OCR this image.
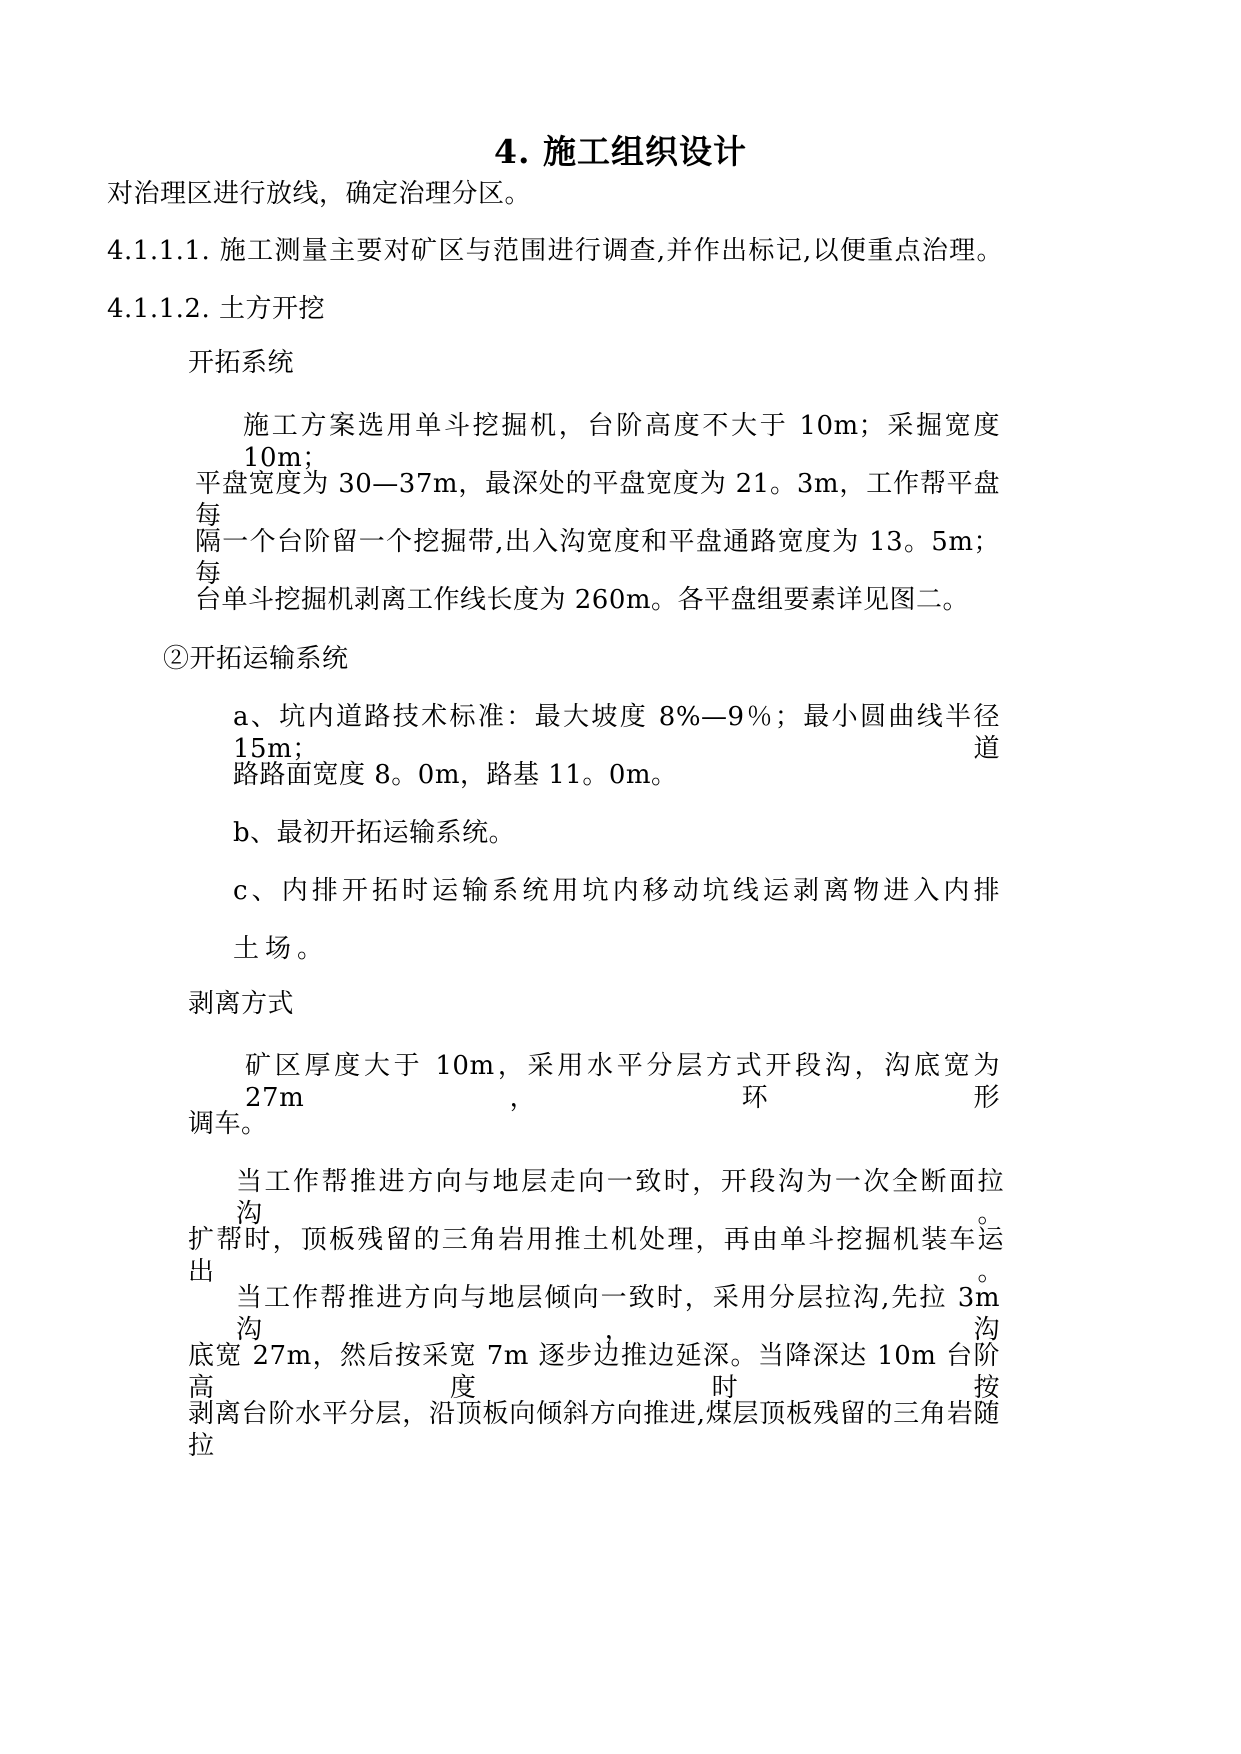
4. 施工组织设计
对治理区进行放线，确定治理分区。
4.1.1.1. 施工测量主要对矿区与范围进行调查,并作出标记,以便重点治理。
4.1.1.2. 土方开挖
开拓系统
施工方案选用单斗挖掘机，台阶高度不大于 10m；采掘宽度 10m；
平盘宽度为 30—37m，最深处的平盘宽度为 21。3m，工作帮平盘每
隔一个台阶留一个挖掘带,出入沟宽度和平盘通路宽度为 13。5m；每
台单斗挖掘机剥离工作线长度为 260m。各平盘组要素详见图二。
②开拓运输系统
a、坑内道路技术标准：最大坡度 8%—9％；最小圆曲线半径 15m；道
路路面宽度 8。0m，路基 11。0m。
b、最初开拓运输系统。
c、内排开拓时运输系统用坑内移动坑线运剥离物进入内排
土场。
剥离方式
矿区厚度大于 10m，采用水平分层方式开段沟，沟底宽为 27m，环形
调车。
当工作帮推进方向与地层走向一致时，开段沟为一次全断面拉沟。
扩帮时，顶板残留的三角岩用推土机处理，再由单斗挖掘机装车运出。
当工作帮推进方向与地层倾向一致时，采用分层拉沟,先拉 3m 沟，沟
底宽 27m，然后按采宽 7m 逐步边推边延深。当降深达 10m 台阶高度时按
剥离台阶水平分层，沿顶板向倾斜方向推进,煤层顶板残留的三角岩随拉
